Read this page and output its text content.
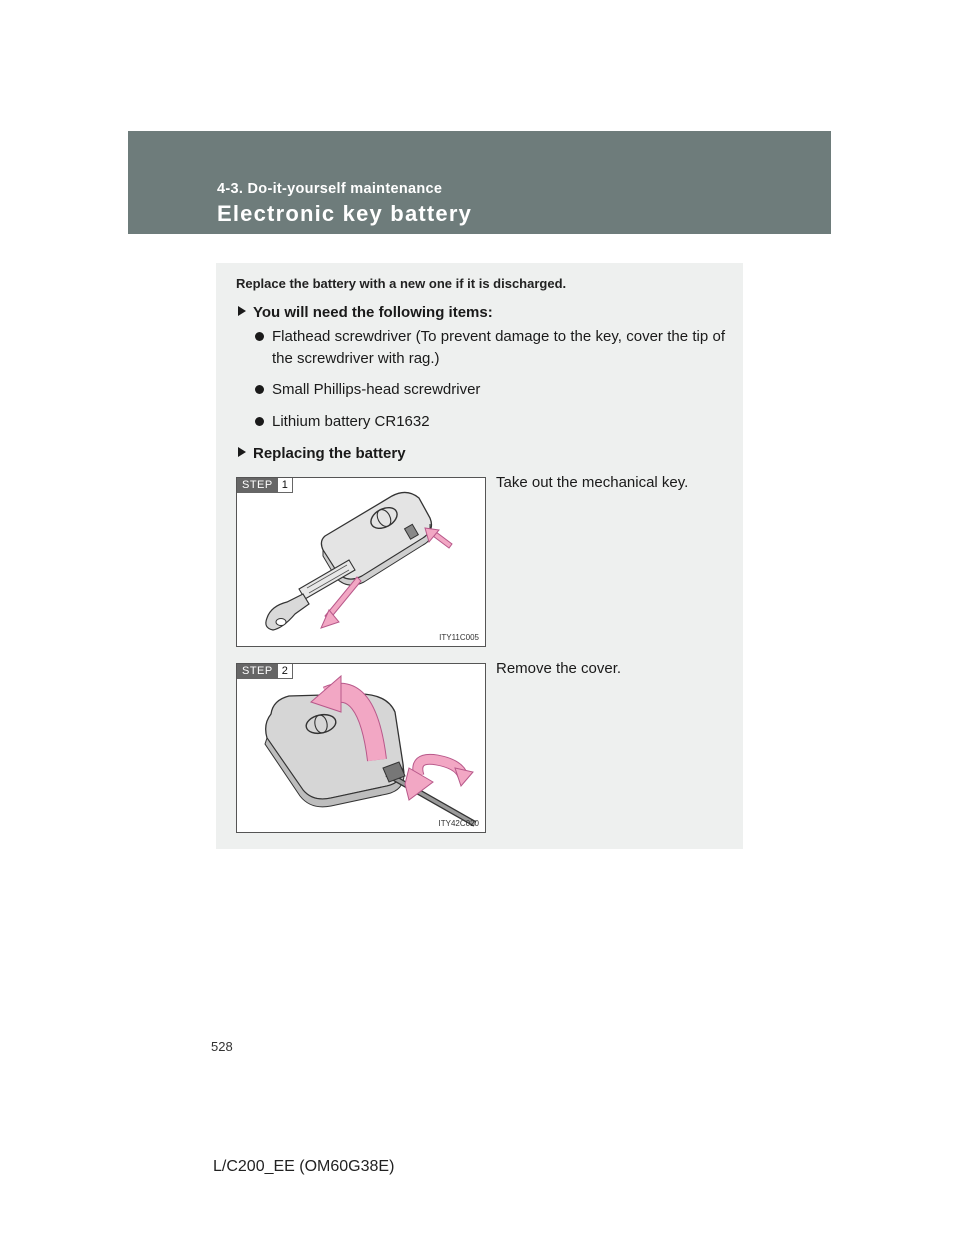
4-3. Do-it-yourself maintenance
Electronic key battery
Replace the battery with a new one if it is discharged.
You will need the following items:
Flathead screwdriver (To prevent damage to the key, cover the tip of the screwdriver with rag.)
Small Phillips-head screwdriver
Lithium battery CR1632
Replacing the battery
STEP 1
ITY11C005
Take out the mechanical key.
STEP 2
ITY42C020
Remove the cover.
528
L/C200_EE (OM60G38E)
